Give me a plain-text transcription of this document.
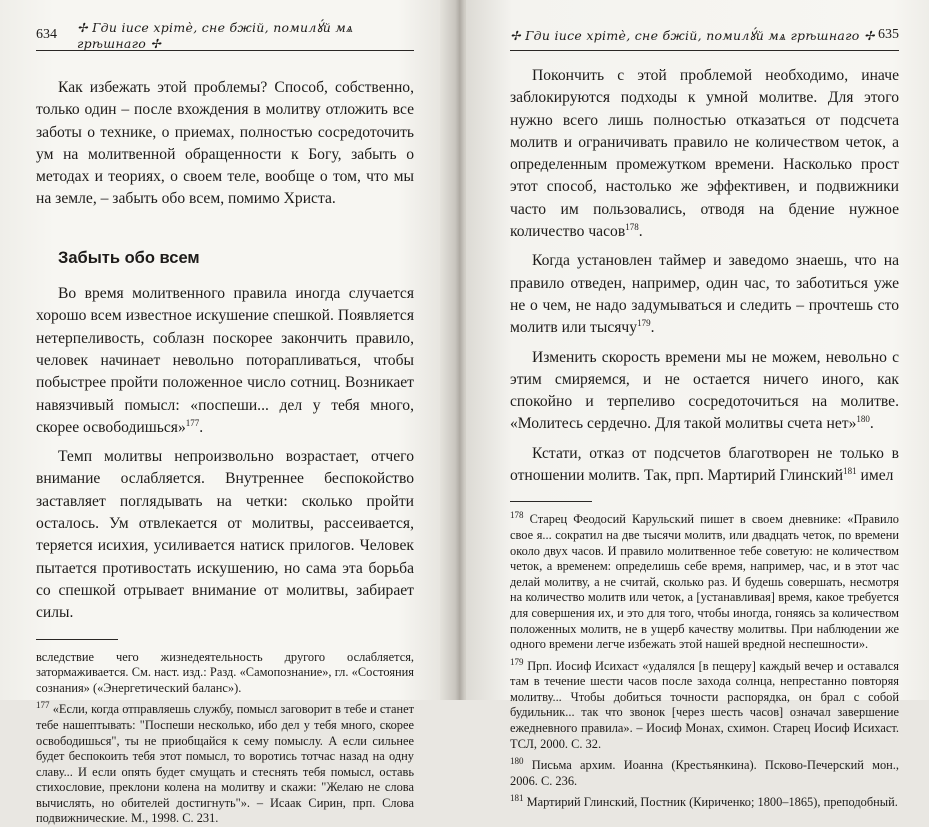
634 ✢ Гди іисе хрітѐ, сне бжій, помилꙋ́й мѧ грѣшнаго ✢

Как избежать этой проблемы? Способ, собственно, только один – после вхождения в молитву отложить все заботы о технике, о приемах, полностью сосредоточить ум на молитвенной обращенности к Богу, забыть о методах и теориях, о своем теле, вообще о том, что мы на земле, – забыть обо всем, помимо Христа.

Забыть обо всем

Во время молитвенного правила иногда случается хорошо всем известное искушение спешкой. Появляется нетерпеливость, соблазн поскорее закончить правило, человек начинает невольно поторапливаться, чтобы побыстрее пройти положенное число сотниц. Возникает навязчивый помысл: «поспеши... дел у тебя много, скорее освободишься»$^{177}$.

Темп молитвы непроизвольно возрастает, отчего внимание ослабляется. Внутреннее беспокойство заставляет поглядывать на четки: сколько пройти осталось. Ум отвлекается от молитвы, рассеивается, теряется исихия, усиливается натиск прилогов. Человек пытается противостать искушению, но сама эта борьба со спешкой отрывает внимание от молитвы, забирает силы.

вследствие чего жизнедеятельность другого ослабляется, затормаживается. См. наст. изд.: Разд. «Самопознание», гл. «Состояния сознания» («Энергетический баланс»).

$^{177}$ «Если, когда отправляешь службу, помысл заговорит в тебе и станет тебе нашептывать: "Поспеши несколько, ибо дел у тебя много, скорее освободишься", ты не приобщайся к сему помыслу. А если сильнее будет беспокоить тебя этот помысл, то воротись тотчас назад на одну славу... И если опять будет смущать и стеснять тебя помысл, оставь стихословие, преклони колена на молитву и скажи: "Желаю не слова вычислять, но обителей достигнуть"». – Исаак Сирин, прп. Слова подвижнические. М., 1998. С. 231.

✢ Гди іисе хрітѐ, сне бжій, помилꙋ́й мѧ грѣшнаго ✢ 635

Покончить с этой проблемой необходимо, иначе заблокируются подходы к умной молитве. Для этого нужно всего лишь полностью отказаться от подсчета молитв и ограничивать правило не количеством четок, а определенным промежутком времени. Насколько прост этот способ, настолько же эффективен, и подвижники часто им пользовались, отводя на бдение нужное количество часов$^{178}$.

Когда установлен таймер и заведомо знаешь, что на правило отведен, например, один час, то заботиться уже не о чем, не надо задумываться и следить – прочтешь сто молитв или тысячу$^{179}$.

Изменить скорость времени мы не можем, невольно с этим смиряемся, и не остается ничего иного, как спокойно и терпеливо сосредоточиться на молитве. «Молитесь сердечно. Для такой молитвы счета нет»$^{180}$.

Кстати, отказ от подсчетов благотворен не только в отношении молитв. Так, прп. Мартирий Глинский$^{181}$ имел

$^{178}$ Старец Феодосий Карульский пишет в своем дневнике: «Правило свое я... сократил на две тысячи молитв, или двадцать четок, по времени около двух часов. И правило молитвенное тебе советую: не количеством четок, а временем: определишь себе время, например, час, и в этот час делай молитву, а не считай, сколько раз. И будешь совершать, несмотря на количество молитв или четок, а [устанавливая] время, какое требуется для совершения их, и это для того, чтобы иногда, гоняясь за количеством положенных молитв, не в ущерб качеству молитвы. При наблюдении же одного времени легче избежать этой нашей вредной неспешности».

$^{179}$ Прп. Иосиф Исихаст «удалялся [в пещеру] каждый вечер и оставался там в течение шести часов после захода солнца, непрестанно повторяя молитву... Чтобы добиться точности распорядка, он брал с собой будильник... так что звонок [через шесть часов] означал завершение ежедневного правила». – Иосиф Монах, схимон. Старец Иосиф Исихаст. ТСЛ, 2000. С. 32.

$^{180}$ Письма архим. Иоанна (Крестьянкина). Псково-Печерский мон., 2006. С. 236.

$^{181}$ Мартирий Глинский, Постник (Кириченко; 1800–1865), преподобный.
